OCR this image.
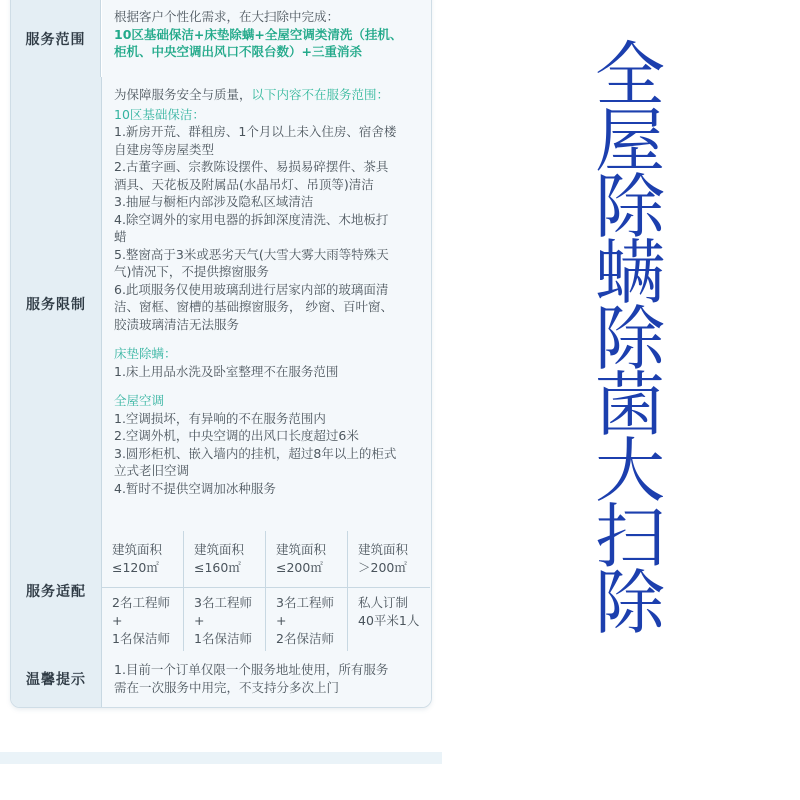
服务范围
根据客户个性化需求，在大扫除中完成：
10区基础保洁+床垫除螨+全屋空调类清洗（挂机、
柜机、中央空调出风口不限台数）+三重消杀
服务限制
为保障服务安全与质量，以下内容不在服务范围：
10区基础保洁：
1.新房开荒、群租房、1个月以上未入住房、宿舍楼
自建房等房屋类型
2.古董字画、宗教陈设摆件、易损易碎摆件、茶具
酒具、天花板及附属品(水晶吊灯、吊顶等)清洁
3.抽屉与橱柜内部涉及隐私区域清洁
4.除空调外的家用电器的拆卸深度清洗、木地板打
蜡
5.整窗高于3米或恶劣天气(大雪大雾大雨等特殊天
气)情况下，不提供擦窗服务
6.此项服务仅使用玻璃刮进行居家内部的玻璃面清
洁、窗框、窗槽的基础擦窗服务， 纱窗、百叶窗、
胶渍玻璃清洁无法服务
床垫除螨：
1.床上用品水洗及卧室整理不在服务范围
全屋空调
1.空调损坏，有异响的不在服务范围内
2.空调外机，中央空调的出风口长度超过6米
3.圆形柜机、嵌入墙内的挂机，超过8年以上的柜式
立式老旧空调
4.暂时不提供空调加冰种服务
服务适配
建筑面积
≤120㎡
建筑面积
≤160㎡
建筑面积
≤200㎡
建筑面积
＞200㎡
2名工程师+
1名保洁师
3名工程师+
1名保洁师
3名工程师+
2名保洁师
私人订制
40平米1人
温馨提示
1.目前一个订单仅限一个服务地址使用，所有服务
需在一次服务中用完，不支持分多次上门
全
屋
除
螨
除
菌
大
扫
除
